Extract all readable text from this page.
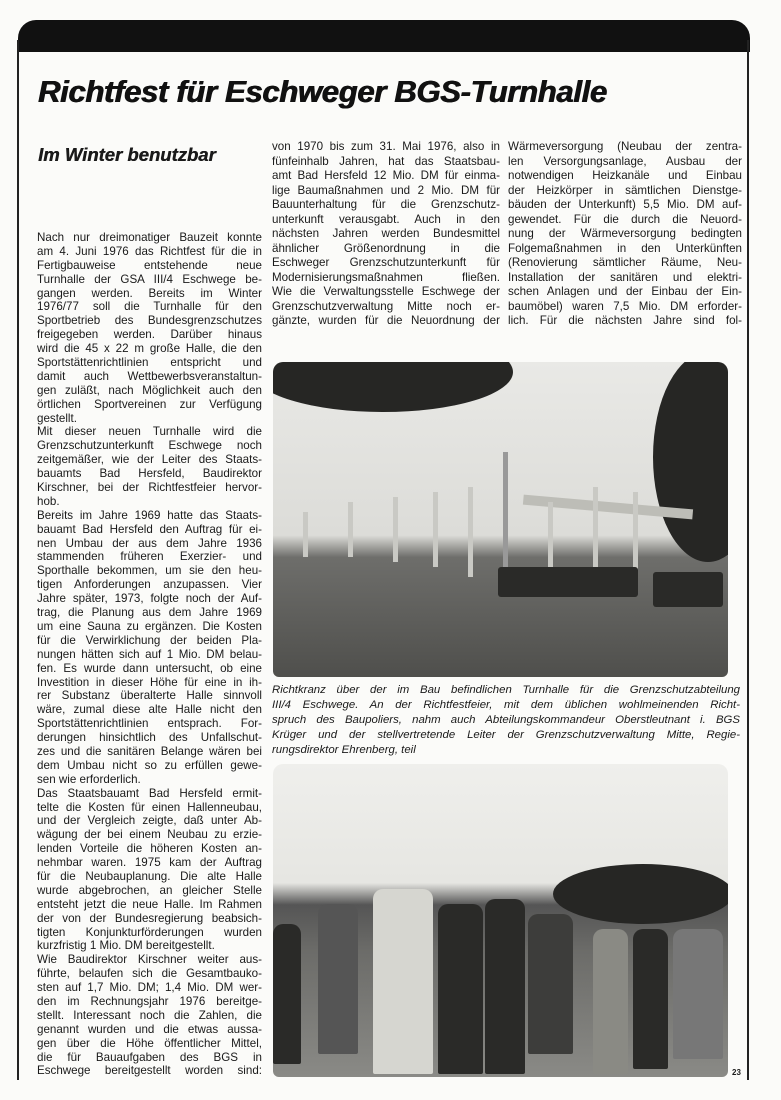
Richtfest für Eschweger BGS-Turnhalle
Im Winter benutzbar
Nach nur dreimonatiger Bauzeit konnte
am 4. Juni 1976 das Richtfest für die in
Fertigbauweise entstehende neue
Turnhalle der GSA III/4 Eschwege be-
gangen werden. Bereits im Winter
1976/77 soll die Turnhalle für den
Sportbetrieb des Bundesgrenzschutzes
freigegeben werden. Darüber hinaus
wird die 45 x 22 m große Halle, die den
Sportstättenrichtlinien entspricht und
damit auch Wettbewerbsveranstaltun-
gen zuläßt, nach Möglichkeit auch den
örtlichen Sportvereinen zur Verfügung
gestellt.
Mit dieser neuen Turnhalle wird die
Grenzschutzunterkunft Eschwege noch
zeitgemäßer, wie der Leiter des Staats-
bauamts Bad Hersfeld, Baudirektor
Kirschner, bei der Richtfestfeier hervor-
hob.
Bereits im Jahre 1969 hatte das Staats-
bauamt Bad Hersfeld den Auftrag für ei-
nen Umbau der aus dem Jahre 1936
stammenden früheren Exerzier- und
Sporthalle bekommen, um sie den heu-
tigen Anforderungen anzupassen. Vier
Jahre später, 1973, folgte noch der Auf-
trag, die Planung aus dem Jahre 1969
um eine Sauna zu ergänzen. Die Kosten
für die Verwirklichung der beiden Pla-
nungen hätten sich auf 1 Mio. DM belau-
fen. Es wurde dann untersucht, ob eine
Investition in dieser Höhe für eine in ih-
rer Substanz überalterte Halle sinnvoll
wäre, zumal diese alte Halle nicht den
Sportstättenrichtlinien entsprach. For-
derungen hinsichtlich des Unfallschut-
zes und die sanitären Belange wären bei
dem Umbau nicht so zu erfüllen gewe-
sen wie erforderlich.
Das Staatsbauamt Bad Hersfeld ermit-
telte die Kosten für einen Hallenneubau,
und der Vergleich zeigte, daß unter Ab-
wägung der bei einem Neubau zu erzie-
lenden Vorteile die höheren Kosten an-
nehmbar waren. 1975 kam der Auftrag
für die Neubauplanung. Die alte Halle
wurde abgebrochen, an gleicher Stelle
entsteht jetzt die neue Halle. Im Rahmen
der von der Bundesregierung beabsich-
tigten Konjunkturförderungen wurden
kurzfristig 1 Mio. DM bereitgestellt.
Wie Baudirektor Kirschner weiter aus-
führte, belaufen sich die Gesamtbauko-
sten auf 1,7 Mio. DM; 1,4 Mio. DM wer-
den im Rechnungsjahr 1976 bereitge-
stellt. Interessant noch die Zahlen, die
genannt wurden und die etwas aussa-
gen über die Höhe öffentlicher Mittel,
die für Bauaufgaben des BGS in
Eschwege bereitgestellt worden sind:
von 1970 bis zum 31. Mai 1976, also in
fünfeinhalb Jahren, hat das Staatsbau-
amt Bad Hersfeld 12 Mio. DM für einma-
lige Baumaßnahmen und 2 Mio. DM für
Bauunterhaltung für die Grenzschutz-
unterkunft verausgabt. Auch in den
nächsten Jahren werden Bundesmittel
ähnlicher Größenordnung in die
Eschweger Grenzschutzunterkunft für
Modernisierungsmaßnahmen fließen.
Wie die Verwaltungsstelle Eschwege der
Grenzschutzverwaltung Mitte noch er-
gänzte, wurden für die Neuordnung der
Wärmeversorgung (Neubau der zentra-
len Versorgungsanlage, Ausbau der
notwendigen Heizkanäle und Einbau
der Heizkörper in sämtlichen Dienstge-
bäuden der Unterkunft) 5,5 Mio. DM auf-
gewendet. Für die durch die Neuord-
nung der Wärmeversorgung bedingten
Folgemaßnahmen in den Unterkünften
(Renovierung sämtlicher Räume, Neu-
Installation der sanitären und elektri-
schen Anlagen und der Einbau der Ein-
baumöbel) waren 7,5 Mio. DM erforder-
lich. Für die nächsten Jahre sind fol-
Richtkranz über der im Bau befindlichen Turnhalle für die Grenzschutzabteilung
III/4 Eschwege. An der Richtfestfeier, mit dem üblichen wohlmeinenden Richt-
spruch des Baupoliers, nahm auch Abteilungskommandeur Oberstleutnant i. BGS
Krüger und der stellvertretende Leiter der Grenzschutzverwaltung Mitte, Regie-
rungsdirektor Ehrenberg, teil
23
